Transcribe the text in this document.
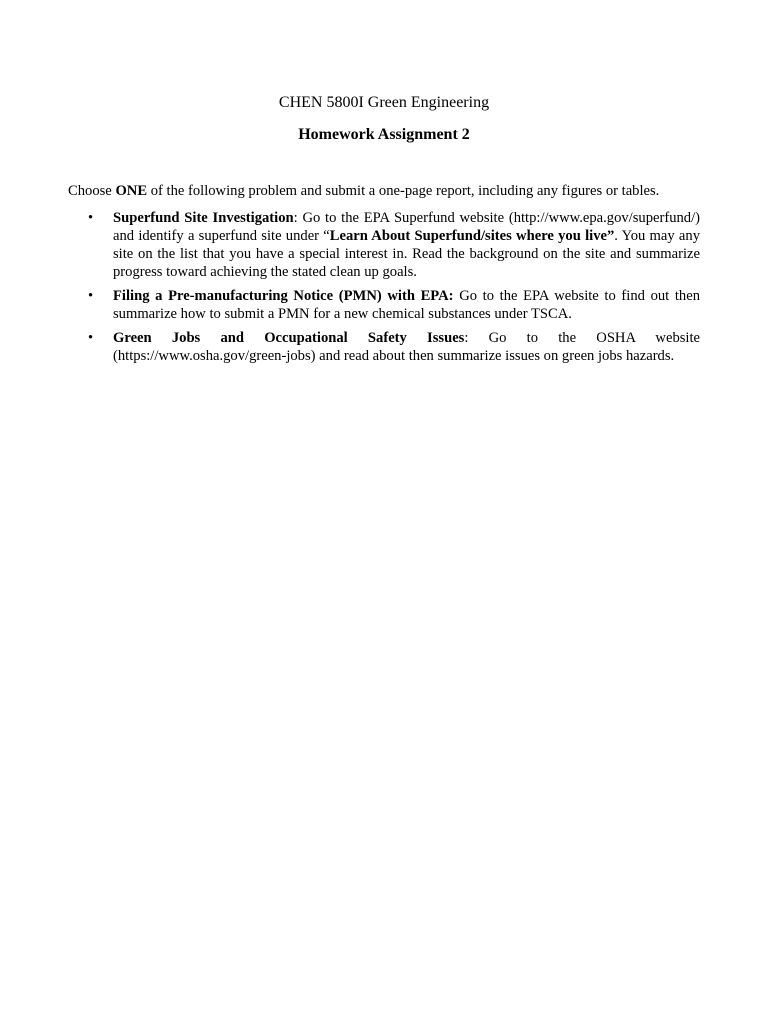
CHEN 5800I Green Engineering
Homework Assignment 2
Choose ONE of the following problem and submit a one-page report, including any figures or tables.
•	Superfund Site Investigation: Go to the EPA Superfund website (http://www.epa.gov/superfund/) and identify a superfund site under “Learn About Superfund/sites where you live”. You may any site on the list that you have a special interest in. Read the background on the site and summarize progress toward achieving the stated clean up goals.
•	Filing a Pre-manufacturing Notice (PMN) with EPA: Go to the EPA website to find out then summarize how to submit a PMN for a new chemical substances under TSCA.
•	Green Jobs and Occupational Safety Issues: Go to the OSHA website (https://www.osha.gov/green-jobs) and read about then summarize issues on green jobs hazards.
